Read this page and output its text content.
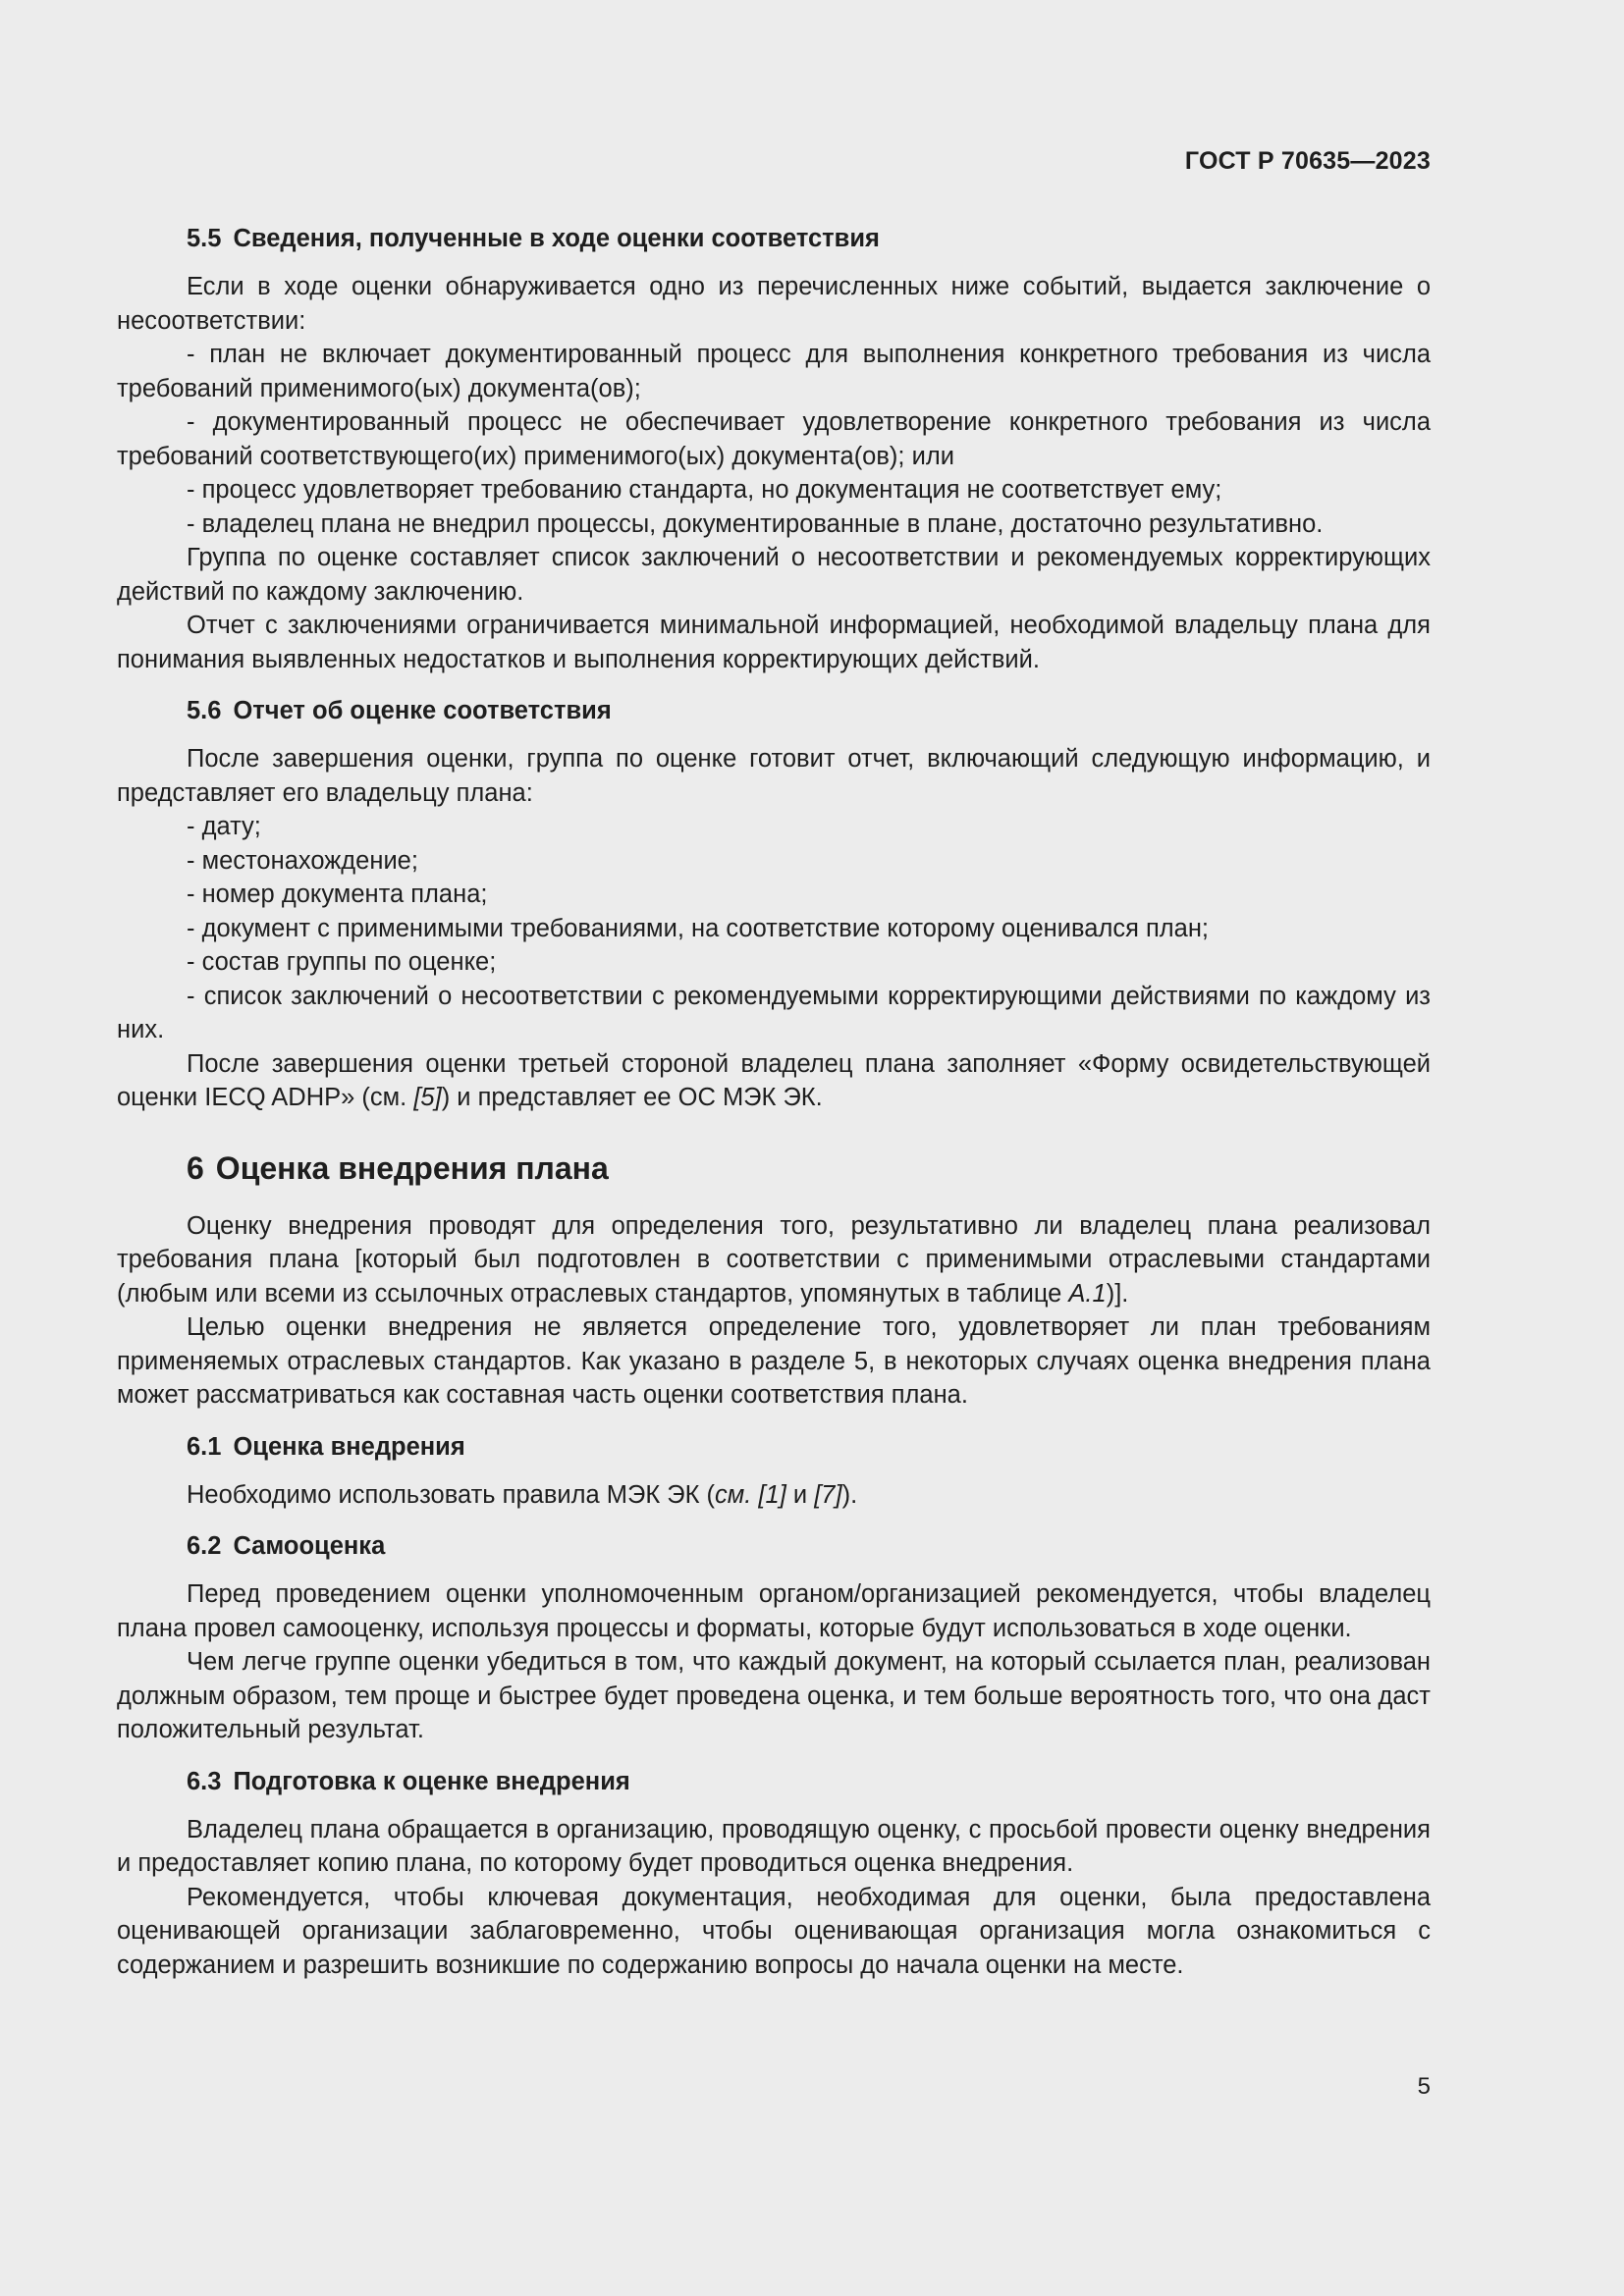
ГОСТ Р 70635—2023
5.5 Сведения, полученные в ходе оценки соответствия

Если в ходе оценки обнаруживается одно из перечисленных ниже событий, выдается заключение о несоответствии:

- план не включает документированный процесс для выполнения конкретного требования из числа требований применимого(ых) документа(ов);

- документированный процесс не обеспечивает удовлетворение конкретного требования из числа требований соответствующего(их) применимого(ых) документа(ов); или

- процесс удовлетворяет требованию стандарта, но документация не соответствует ему;

- владелец плана не внедрил процессы, документированные в плане, достаточно результативно.

Группа по оценке составляет список заключений о несоответствии и рекомендуемых корректирующих действий по каждому заключению.

Отчет с заключениями ограничивается минимальной информацией, необходимой владельцу плана для понимания выявленных недостатков и выполнения корректирующих действий.

5.6 Отчет об оценке соответствия

После завершения оценки, группа по оценке готовит отчет, включающий следующую информацию, и представляет его владельцу плана:

- дату;

- местонахождение;

- номер документа плана;

- документ с применимыми требованиями, на соответствие которому оценивался план;

- состав группы по оценке;

- список заключений о несоответствии с рекомендуемыми корректирующими действиями по каждому из них.

После завершения оценки третьей стороной владелец плана заполняет «Форму освидетельствующей оценки IECQ ADHP» (см. [5]) и представляет ее ОС МЭК ЭК.

6 Оценка внедрения плана

Оценку внедрения проводят для определения того, результативно ли владелец плана реализовал требования плана [который был подготовлен в соответствии с применимыми отраслевыми стандартами (любым или всеми из ссылочных отраслевых стандартов, упомянутых в таблице А.1)].

Целью оценки внедрения не является определение того, удовлетворяет ли план требованиям применяемых отраслевых стандартов. Как указано в разделе 5, в некоторых случаях оценка внедрения плана может рассматриваться как составная часть оценки соответствия плана.

6.1 Оценка внедрения

Необходимо использовать правила МЭК ЭК (см. [1] и [7]).

6.2 Самооценка

Перед проведением оценки уполномоченным органом/организацией рекомендуется, чтобы владелец плана провел самооценку, используя процессы и форматы, которые будут использоваться в ходе оценки.

Чем легче группе оценки убедиться в том, что каждый документ, на который ссылается план, реализован должным образом, тем проще и быстрее будет проведена оценка, и тем больше вероятность того, что она даст положительный результат.

6.3 Подготовка к оценке внедрения

Владелец плана обращается в организацию, проводящую оценку, с просьбой провести оценку внедрения и предоставляет копию плана, по которому будет проводиться оценка внедрения.

Рекомендуется, чтобы ключевая документация, необходимая для оценки, была предоставлена оценивающей организации заблаговременно, чтобы оценивающая организация могла ознакомиться с содержанием и разрешить возникшие по содержанию вопросы до начала оценки на месте.

5
